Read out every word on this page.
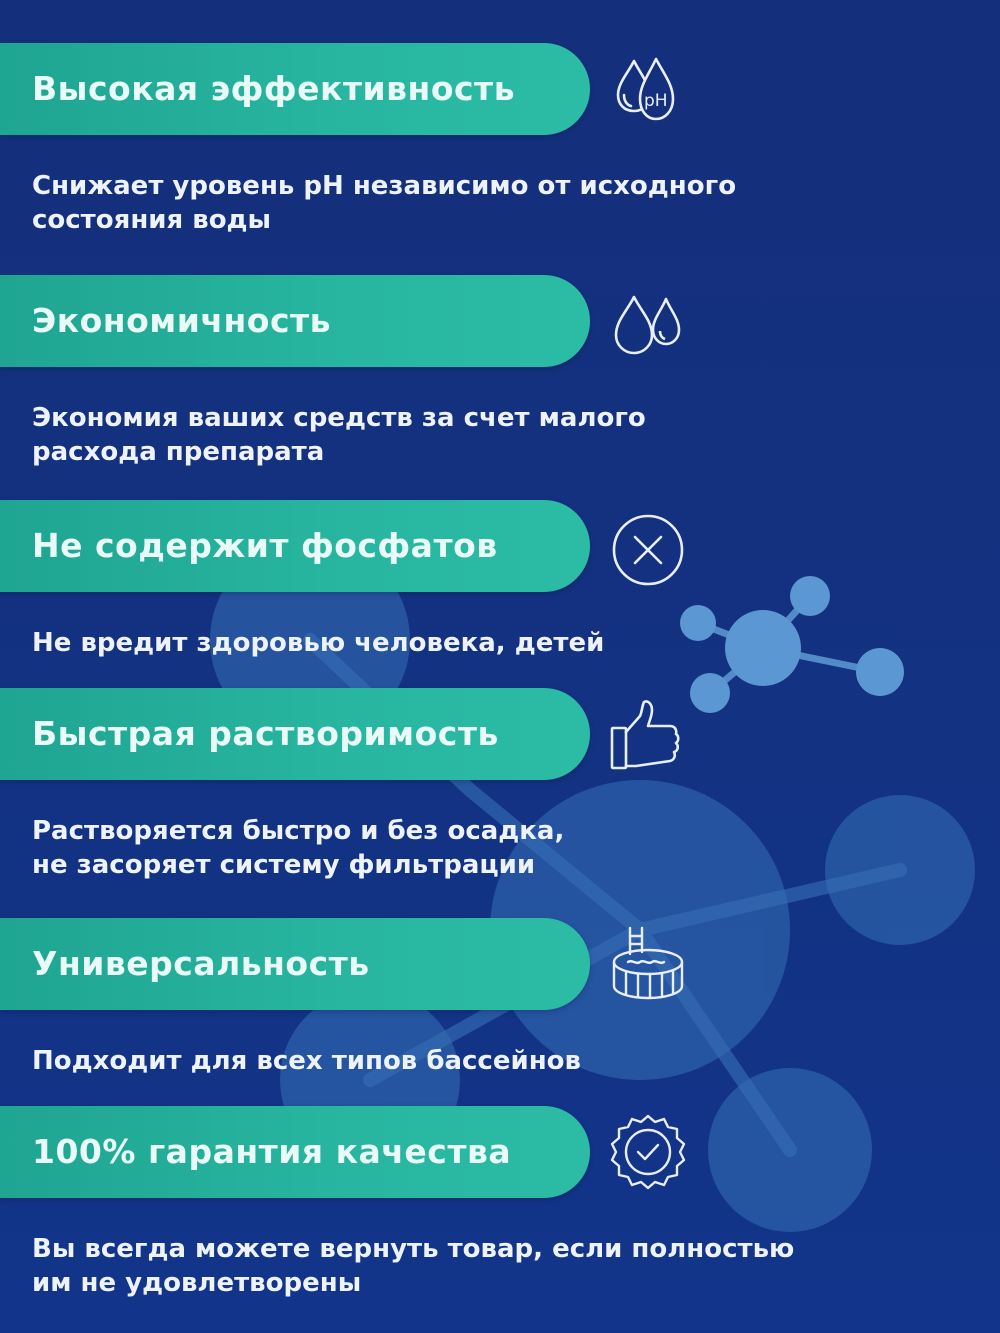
Высокая эффективность	pH
Снижает уровень pH независимо от исходного
состояния воды
Экономичность
Экономия ваших средств за счет малого
расхода препарата
Не содержит фосфатов
Не вредит здоровью человека, детей
Быстрая растворимость
Растворяется быстро и без осадка,
не засоряет систему фильтрации
Универсальность
Подходит для всех типов бассейнов
100% гарантия качества
Вы всегда можете вернуть товар, если полностью
им не удовлетворены
